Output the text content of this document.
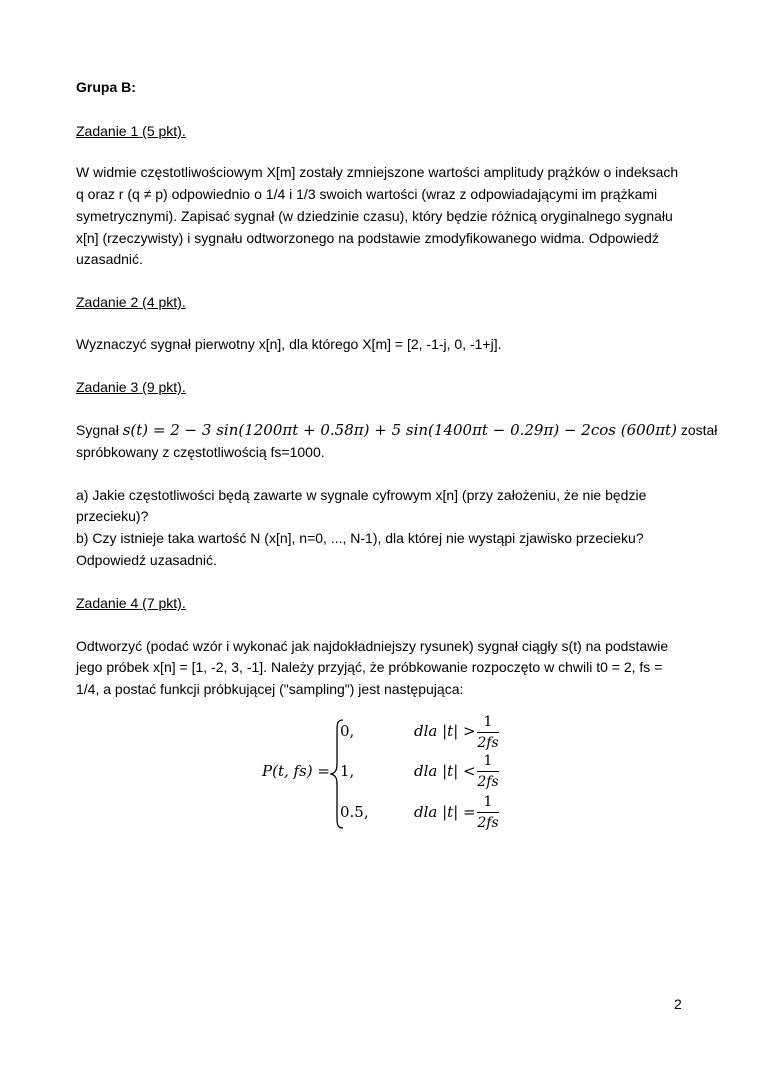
Grupa B:
Zadanie 1 (5 pkt).
W widmie częstotliwościowym X[m] zostały zmniejszone wartości amplitudy prążków o indeksach
q oraz r (q ≠ p) odpowiednio o 1/4 i 1/3 swoich wartości (wraz z odpowiadającymi im prążkami
symetrycznymi). Zapisać sygnał (w dziedzinie czasu), który będzie różnicą oryginalnego sygnału
x[n] (rzeczywisty) i sygnału odtworzonego na podstawie zmodyfikowanego widma. Odpowiedź
uzasadnić.
Zadanie 2 (4 pkt).
Wyznaczyć sygnał pierwotny x[n], dla którego X[m] = [2, -1-j, 0, -1+j].
Zadanie 3 (9 pkt).
Sygnał s(t) = 2 − 3 sin(1200πt + 0.58π) + 5 sin(1400πt − 0.29π) − 2cos (600πt) został
spróbkowany z częstotliwością fs=1000.
a) Jakie częstotliwości będą zawarte w sygnale cyfrowym x[n] (przy założeniu, że nie będzie
przecieku)?
b) Czy istnieje taka wartość N (x[n], n=0, ..., N-1), dla której nie wystąpi zjawisko przecieku?
Odpowiedź uzasadnić.
Zadanie 4 (7 pkt).
Odtworzyć (podać wzór i wykonać jak najdokładniejszy rysunek) sygnał ciągły s(t) na podstawie
jego próbek x[n] = [1, -2, 3, -1]. Należy przyjąć, że próbkowanie rozpoczęto w chwili t0 = 2, fs =
1/4, a postać funkcji próbkującej ("sampling") jest następująca:
P(t, fs) =
0,	dla |t| > 1
2fs
1,	dla |t| <
1
2fs
0.5,	dla |t| =
1
2fs
2
